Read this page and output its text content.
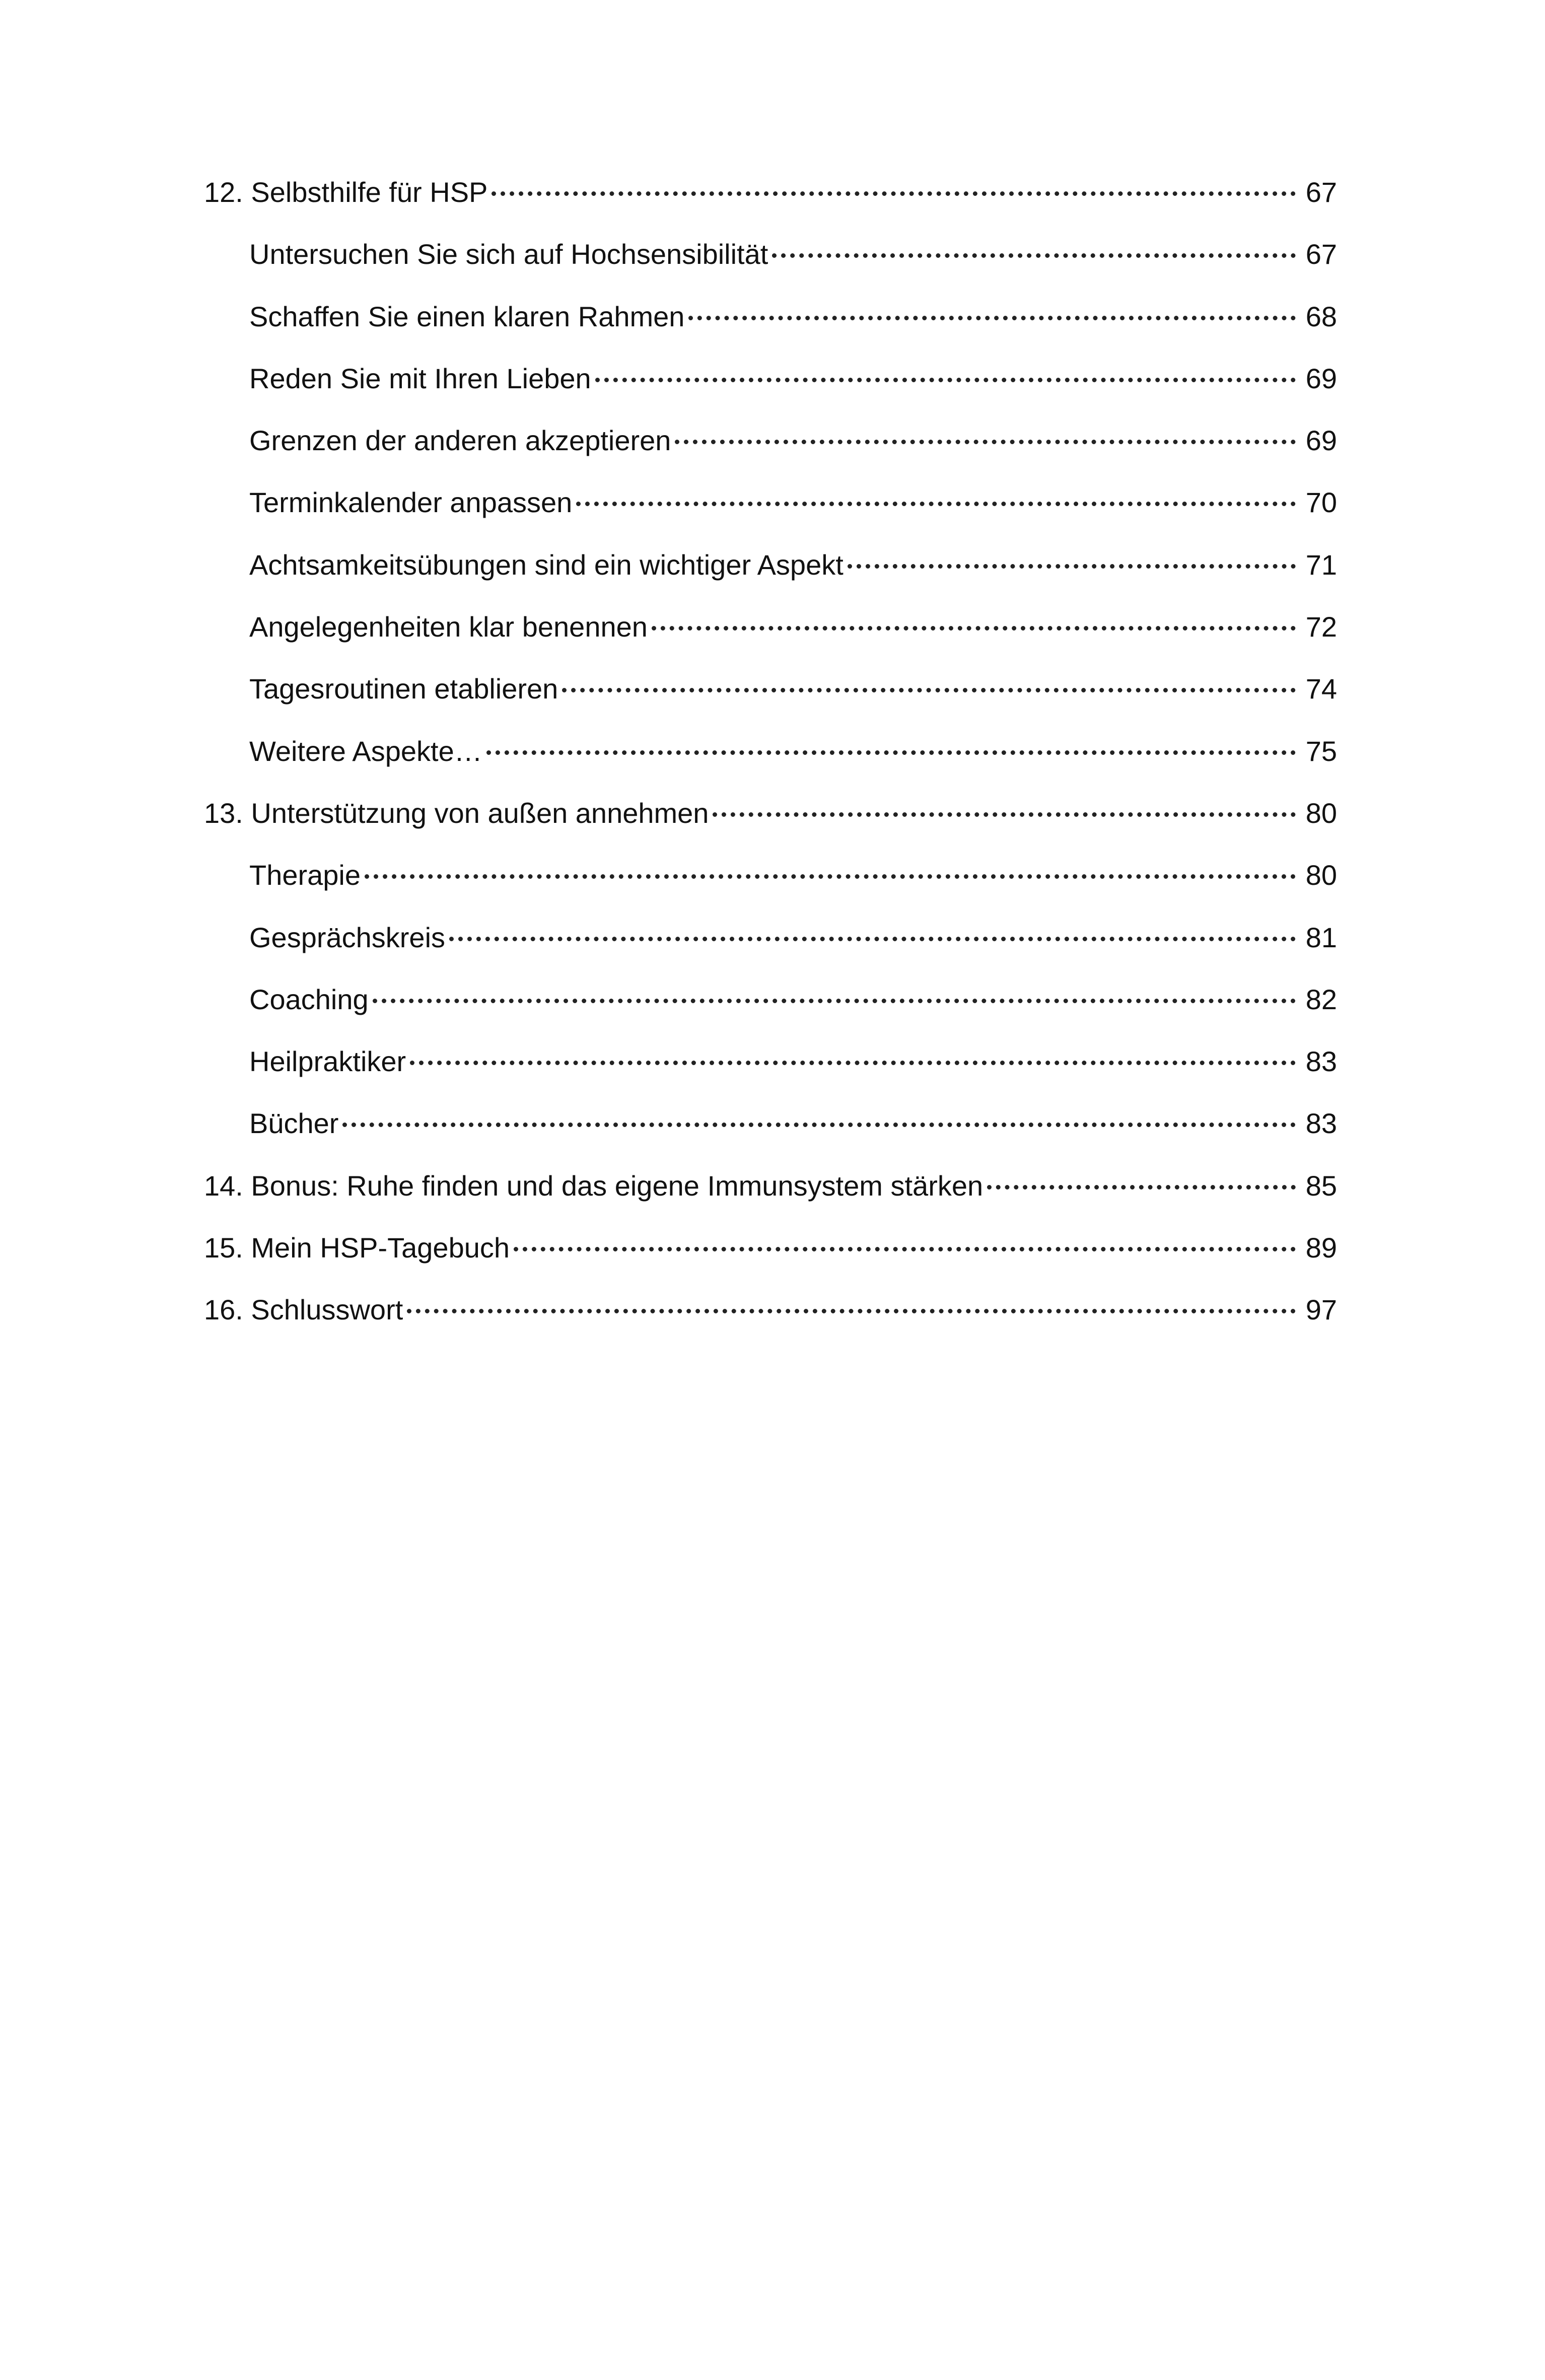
12. Selbsthilfe für HSP	67
Untersuchen Sie sich auf Hochsensibilität	67
Schaffen Sie einen klaren Rahmen	68
Reden Sie mit Ihren Lieben	69
Grenzen der anderen akzeptieren	69
Terminkalender anpassen	70
Achtsamkeitsübungen sind ein wichtiger Aspekt	71
Angelegenheiten klar benennen	72
Tagesroutinen etablieren	74
Weitere Aspekte…	75
13. Unterstützung von außen annehmen	80
Therapie	80
Gesprächskreis	81
Coaching	82
Heilpraktiker	83
Bücher	83
14. Bonus: Ruhe finden und das eigene Immunsystem stärken	85
15. Mein HSP-Tagebuch	89
16. Schlusswort	97
